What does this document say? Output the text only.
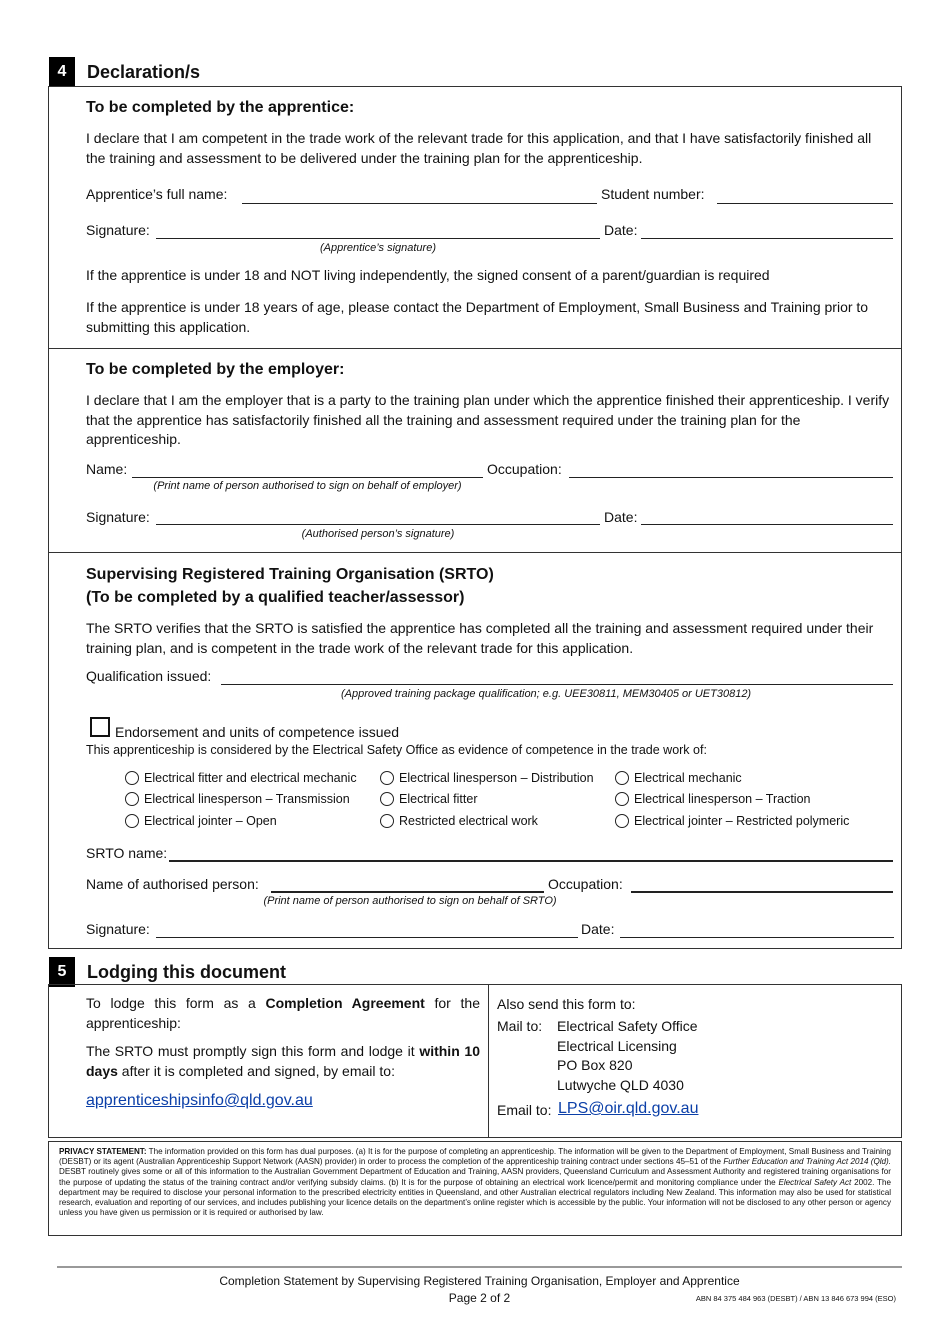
4	Declaration/s
To be completed by the apprentice:
I declare that I am competent in the trade work of the relevant trade for this application, and that I have satisfactorily finished all the training and assessment to be delivered under the training plan for the apprenticeship.
Apprentice’s full name:	Student number:
Signature:
(Apprentice’s signature)
Date:
If the apprentice is under 18 and NOT living independently, the signed consent of a parent/guardian is required
If the apprentice is under 18 years of age, please contact the Department of Employment, Small Business and Training prior to submitting this application.
To be completed by the employer:
I declare that I am the employer that is a party to the training plan under which the apprentice finished their apprenticeship. I verify that the apprentice has satisfactorily finished all the training and assessment required under the training plan for the apprenticeship.
Name:
(Print name of person authorised to sign on behalf of employer)
Occupation:
Signature:
(Authorised person’s signature)
Date:
Supervising Registered Training Organisation (SRTO)
(To be completed by a qualified teacher/assessor)
The SRTO verifies that the SRTO is satisfied the apprentice has completed all the training and assessment required under their training plan, and is competent in the trade work of the relevant trade for this application.
Qualification issued:
(Approved training package qualification; e.g. UEE30811, MEM30405 or UET30812)
Endorsement and units of competence issued
This apprenticeship is considered by the Electrical Safety Office as evidence of competence in the trade work of:
Electrical fitter and electrical mechanic	Electrical linesperson – Distribution	Electrical mechanic
Electrical linesperson – Transmission	Electrical fitter	Electrical linesperson – Traction
Electrical jointer – Open	Restricted electrical work	Electrical jointer – Restricted polymeric
SRTO name:
Name of authorised person:
(Print name of person authorised to sign on behalf of SRTO)
Occupation:
Signature:	Date:
5	Lodging this document
To lodge this form as a Completion Agreement for the apprenticeship:
The SRTO must promptly sign this form and lodge it within 10 days after it is completed and signed, by email to:
apprenticeshipsinfo@qld.gov.au
Also send this form to:
Mail to: Electrical Safety Office
Electrical Licensing
PO Box 820
Lutwyche QLD 4030
Email to: LPS@oir.qld.gov.au
PRIVACY STATEMENT: The information provided on this form has dual purposes. (a) It is for the purpose of completing an apprenticeship. The information will be given to the Department of Employment, Small Business and Training (DESBT) or its agent (Australian Apprenticeship Support Network (AASN) provider) in order to process the completion of the apprenticeship training contract under sections 45–51 of the Further Education and Training Act 2014 (Qld). DESBT routinely gives some or all of this information to the Australian Government Department of Education and Training, AASN providers, Queensland Curriculum and Assessment Authority and registered training organisations for the purpose of updating the status of the training contract and/or verifying subsidy claims. (b) It is for the purpose of obtaining an electrical work licence/permit and monitoring compliance under the Electrical Safety Act 2002. The department may be required to disclose your personal information to the prescribed electricity entities in Queensland, and other Australian electrical regulators including New Zealand. This information may also be used for statistical research, evaluation and reporting of our services, and includes publishing your licence details on the department’s online register which is accessible by the public. Your information will not be disclosed to any other person or agency unless you have given us permission or it is required or authorised by law.
Completion Statement by Supervising Registered Training Organisation, Employer and Apprentice
Page 2 of 2	ABN 84 375 484 963 (DESBT) / ABN 13 846 673 994 (ESO)
